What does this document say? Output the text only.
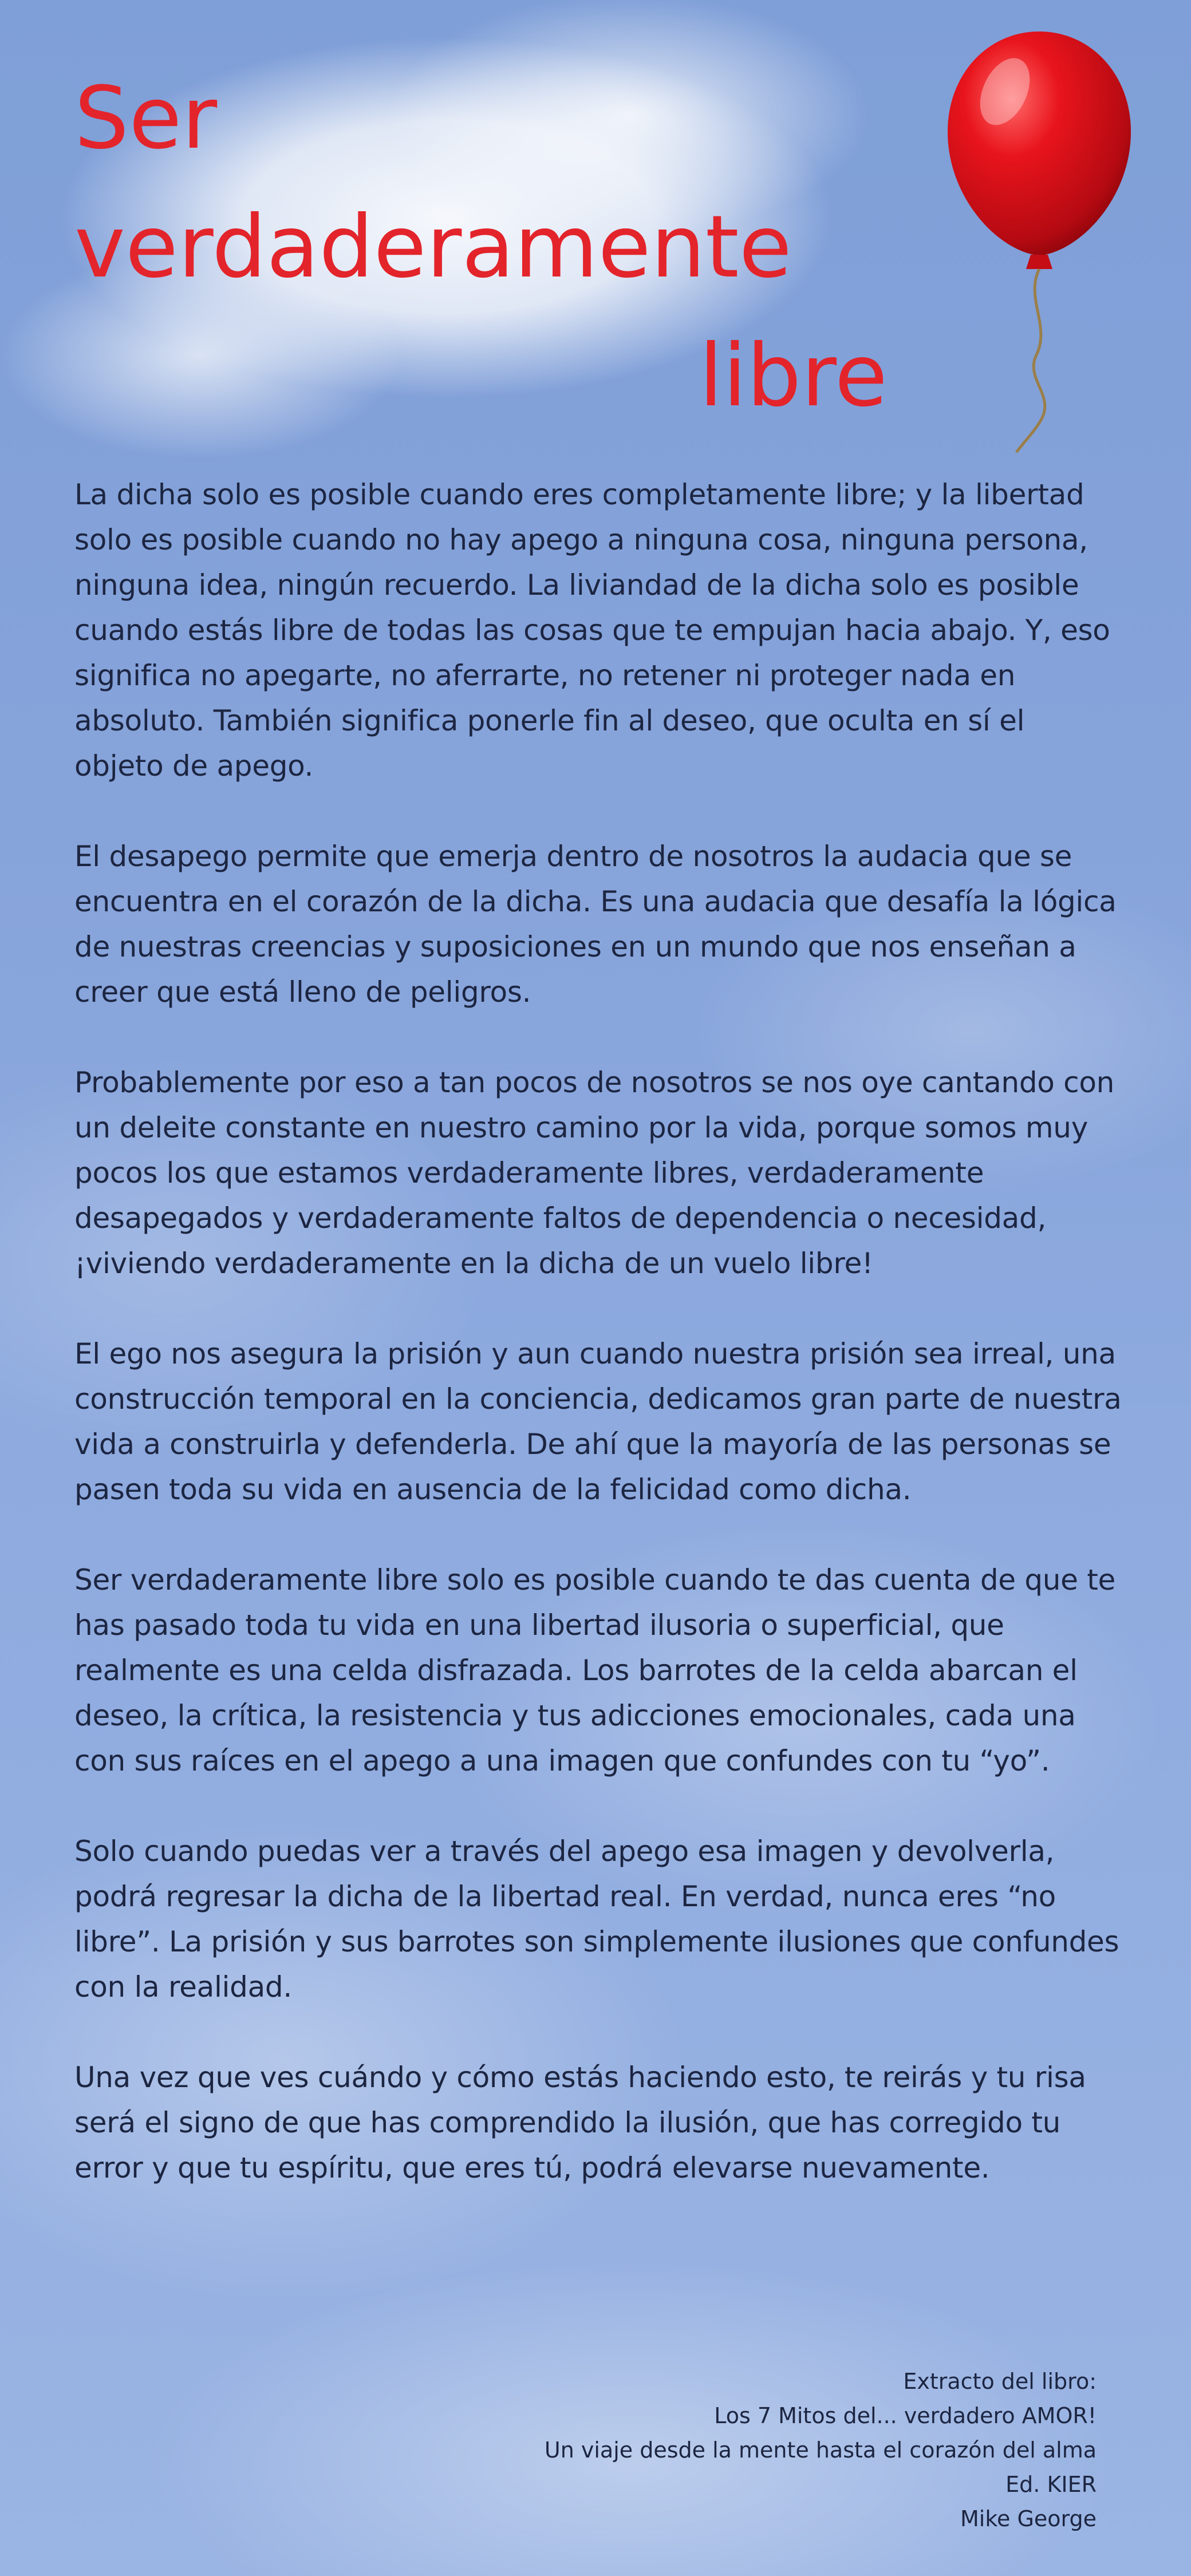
Ser
verdaderamente
libre

La dicha solo es posible cuando eres completamente libre; y la libertad solo es posible cuando no hay apego a ninguna cosa, ninguna persona, ninguna idea, ningún recuerdo. La liviandad de la dicha solo es posible cuando estás libre de todas las cosas que te empujan hacia abajo. Y, eso significa no apegarte, no aferrarte, no retener ni proteger nada en absoluto. También significa ponerle fin al deseo, que oculta en sí el objeto de apego.

El desapego permite que emerja dentro de nosotros la audacia que se encuentra en el corazón de la dicha. Es una audacia que desafía la lógica de nuestras creencias y suposiciones en un mundo que nos enseñan a creer que está lleno de peligros.

Probablemente por eso a tan pocos de nosotros se nos oye cantando con un deleite constante en nuestro camino por la vida, porque somos muy pocos los que estamos verdaderamente libres, verdaderamente desapegados y verdaderamente faltos de dependencia o necesidad, ¡viviendo verdaderamente en la dicha de un vuelo libre!

El ego nos asegura la prisión y aun cuando nuestra prisión sea irreal, una construcción temporal en la conciencia, dedicamos gran parte de nuestra vida a construirla y defenderla. De ahí que la mayoría de las personas se pasen toda su vida en ausencia de la felicidad como dicha.

Ser verdaderamente libre solo es posible cuando te das cuenta de que te has pasado toda tu vida en una libertad ilusoria o superficial, que realmente es una celda disfrazada. Los barrotes de la celda abarcan el deseo, la crítica, la resistencia y tus adicciones emocionales, cada una con sus raíces en el apego a una imagen que confundes con tu “yo”.

Solo cuando puedas ver a través del apego esa imagen y devolverla, podrá regresar la dicha de la libertad real. En verdad, nunca eres “no libre”. La prisión y sus barrotes son simplemente ilusiones que confundes con la realidad.

Una vez que ves cuándo y cómo estás haciendo esto, te reirás y tu risa será el signo de que has comprendido la ilusión, que has corregido tu error y que tu espíritu, que eres tú, podrá elevarse nuevamente.

Extracto del libro:
Los 7 Mitos del... verdadero AMOR!
Un viaje desde la mente hasta el corazón del alma
Ed. KIER
Mike George
